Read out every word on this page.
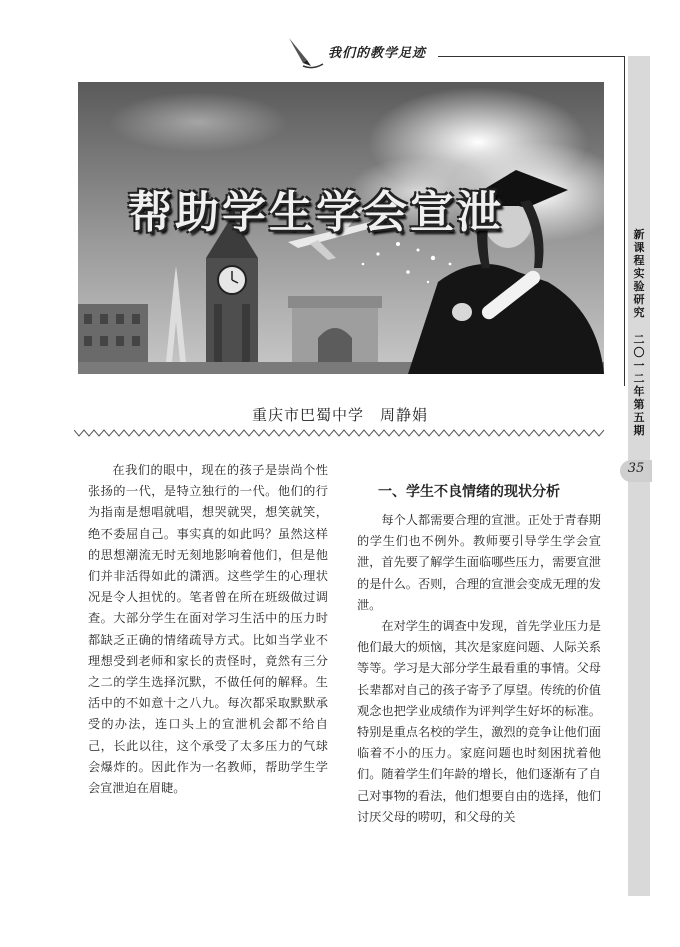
我们的教学足迹
新
课
程
实
验
研
究
二
〇
一
二
年
第
五
期
35
帮助学生学会宣泄
重庆市巴蜀中学　周静娟

在我们的眼中，现在的孩子是崇尚个性张扬的一代，是特立独行的一代。他们的行为指南是想唱就唱，想哭就哭，想笑就笑，绝不委屈自己。事实真的如此吗？虽然这样的思想潮流无时无刻地影响着他们，但是他们并非活得如此的潇洒。这些学生的心理状况是令人担忧的。笔者曾在所在班级做过调查。大部分学生在面对学习生活中的压力时都缺乏正确的情绪疏导方式。比如当学业不理想受到老师和家长的责怪时，竟然有三分之二的学生选择沉默，不做任何的解释。生活中的不如意十之八九。每次都采取默默承受的办法，连口头上的宣泄机会都不给自己，长此以往，这个承受了太多压力的气球会爆炸的。因此作为一名教师，帮助学生学会宣泄迫在眉睫。

一、学生不良情绪的现状分析

每个人都需要合理的宣泄。正处于青春期的学生们也不例外。教师要引导学生学会宣泄，首先要了解学生面临哪些压力，需要宣泄的是什么。否则，合理的宣泄会变成无理的发泄。

在对学生的调查中发现，首先学业压力是他们最大的烦恼，其次是家庭问题、人际关系等等。学习是大部分学生最看重的事情。父母长辈都对自己的孩子寄予了厚望。传统的价值观念也把学业成绩作为评判学生好坏的标准。特别是重点名校的学生，激烈的竞争让他们面临着不小的压力。家庭问题也时刻困扰着他们。随着学生们年龄的增长，他们逐渐有了自己对事物的看法，他们想要自由的选择，他们讨厌父母的唠叨，和父母的关
